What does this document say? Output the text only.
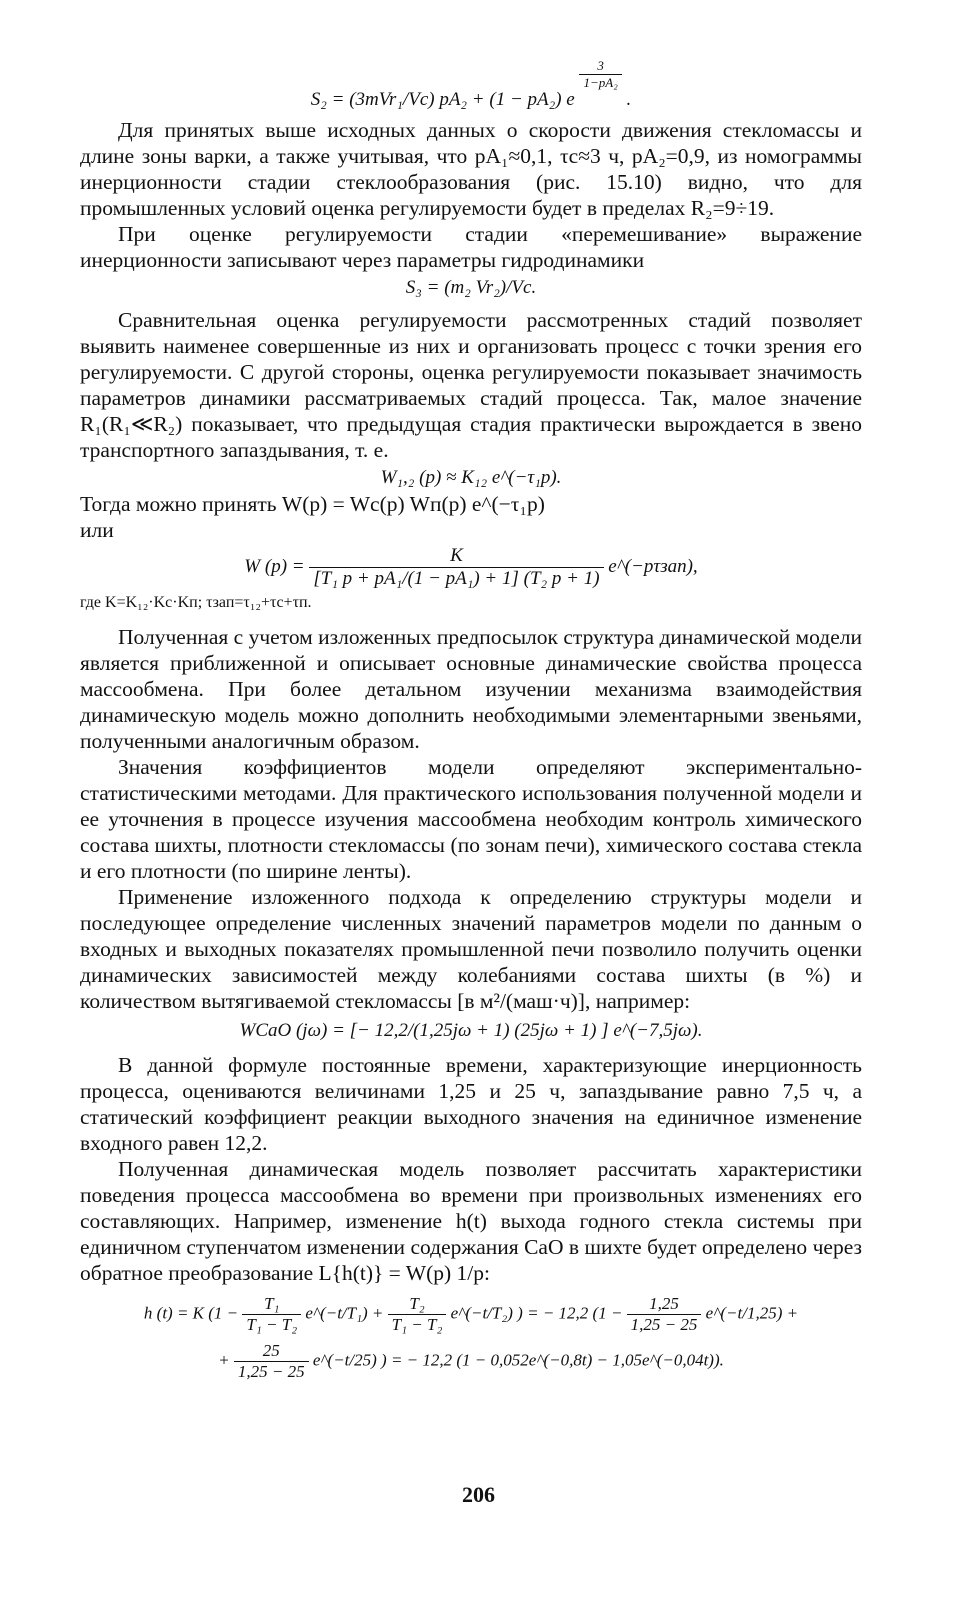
S₂ = (3mVr₁/Vc) pA₂ + (1 − pA₂) e
$\frac{3}{\text{1−pA₂}}$
.

Для принятых выше исходных данных о скорости движения стекломассы и длине зоны варки, а также учитывая, что pA₁≈0,1, τс≈3 ч, pA₂=0,9, из номограммы инерционности стадии стеклообразования (рис. 15.10) видно, что для промышленных условий оценка регулируемости будет в пределах R₂=9÷19.

При оценке регулируемости стадии «перемешивание» выражение инерционности записывают через параметры гидродинамики

S₃ = (m₂ Vr₂)/Vc.

Сравнительная оценка регулируемости рассмотренных стадий позволяет выявить наименее совершенные из них и организовать процесс с точки зрения его регулируемости. С другой стороны, оценка регулируемости показывает значимость параметров динамики рассматриваемых стадий процесса. Так, малое значение R₁(R₁≪R₂) показывает, что предыдущая стадия практически вырождается в звено транспортного запаздывания, т. е.

W₁,₂ (p) ≈ K₁₂ e^(−τ₁p).

Тогда можно принять W(p) = Wc(p) Wп(p) e^(−τ₁p)

или

W $(p) = \frac{K}{\text{[T₁ p + pA₁/(1 − pA₁) + 1] (T₂ p + 1)}}$ e^(−pτзап),

где K=K₁₂·Kc·Kп; τзап=τ₁₂+τc+τп.

Полученная с учетом изложенных предпосылок структура динамической модели является приближенной и описывает основные динамические свойства процесса массообмена. При более детальном изучении механизма взаимодействия динамическую модель можно дополнить необходимыми элементарными звеньями, полученными аналогичным образом.

Значения коэффициентов модели определяют экспериментально-статистическими методами. Для практического использования полученной модели и ее уточнения в процессе изучения массообмена необходим контроль химического состава шихты, плотности стекломассы (по зонам печи), химического состава стекла и его плотности (по ширине ленты).

Применение изложенного подхода к определению структуры модели и последующее определение численных значений параметров модели по данным о входных и выходных показателях промышленной печи позволило получить оценки динамических зависимостей между колебаниями состава шихты (в %) и количеством вытягиваемой стекломассы [в м²/(маш·ч)], например:

WCaO (jω) = [− 12,2/(1,25jω + 1) (25jω + 1) ] e^(−7,5jω).

В данной формуле постоянные времени, характеризующие инерционность процесса, оцениваются величинами 1,25 и 25 ч, запаздывание равно 7,5 ч, а статический коэффициент реакции выходного значения на единичное изменение входного равен 12,2.

Полученная динамическая модель позволяет рассчитать характеристики поведения процесса массообмена во времени при произвольных изменениях его составляющих. Например, изменение h(t) выхода годного стекла системы при единичном ступенчатом изменении содержания CaO в шихте будет определено через обратное преобразование L{h(t)} = W(p) 1/p:

h (t) = K ($1 - \frac{\text{T₁}}{\text{T₁ − T₂}}$ e^(−t/T₁) + $\frac{\text{T₂}}{\text{T₁ − T₂}}$ e^(−t/T₂) ) = − 12,2 ($1 - \frac{1,25}{1,25 - 25}$ e^(−t/1,25) +

+ $\frac{25}{1,25 - 25}$ e^(−t/25) ) = − 12,2 (1 − 0,052e^(−0,8t) − 1,05e^(−0,04t)).

206
